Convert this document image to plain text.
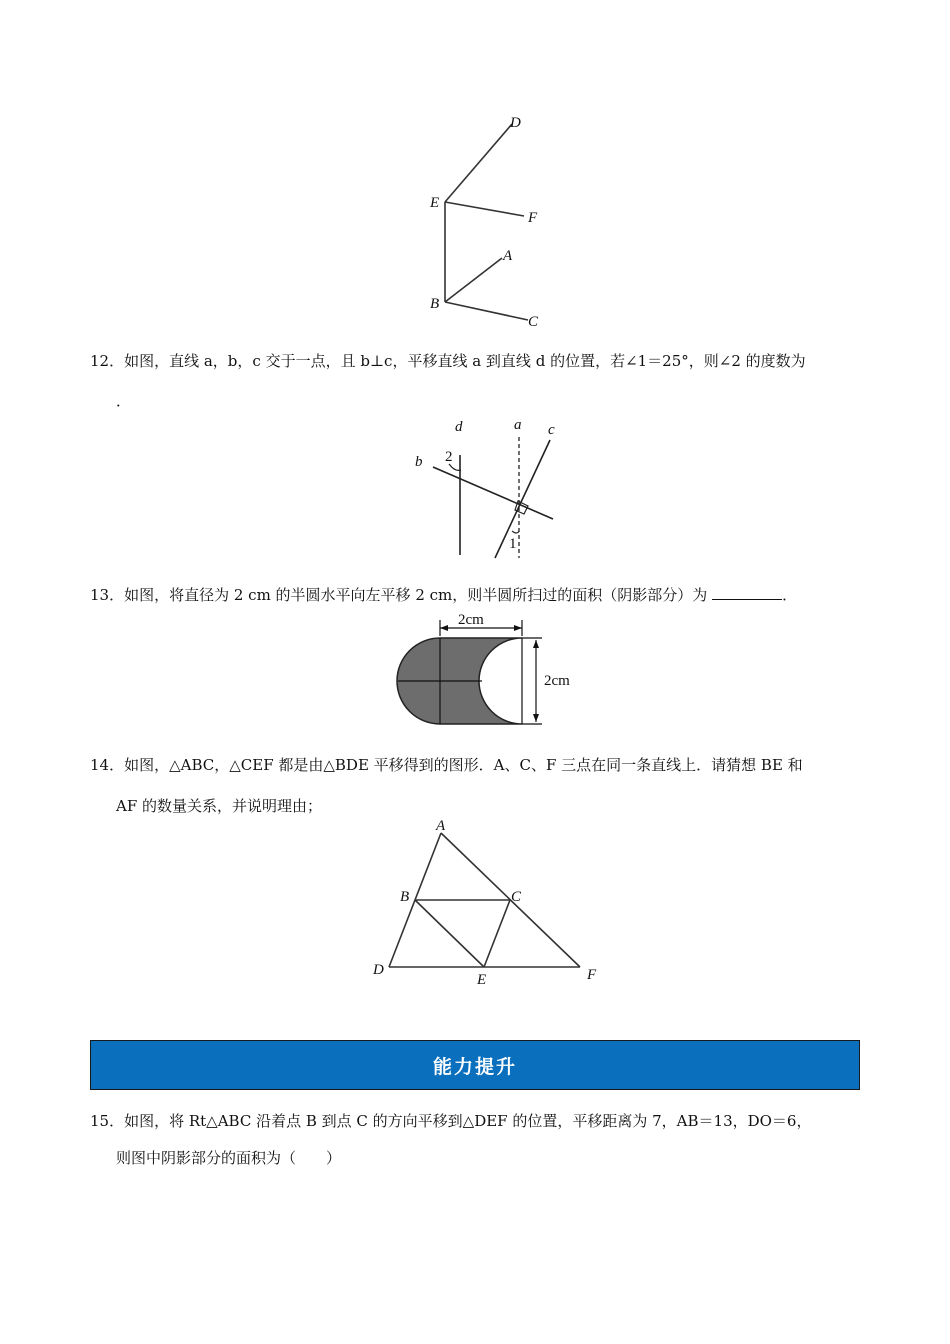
D
E
F
A
B
C
12．如图，直线 a，b，c 交于一点，且 b⊥c，平移直线 a 到直线 d 的位置，若∠1＝25°，则∠2 的度数为
．
d	a c
b 2
1
13．如图，将直径为 2 cm 的半圆水平向左平移 2 cm，则半圆所扫过的面积（阴影部分）为	．
2cm
2cm
14．如图，△ABC，△CEF 都是由△BDE 平移得到的图形．A、C、F 三点在同一条直线上．请猜想 BE 和
AF 的数量关系，并说明理由；
A
B	C
D
E	F
能力提升
15．如图，将 Rt△ABC 沿着点 B 到点 C 的方向平移到△DEF 的位置，平移距离为 7，AB＝13，DO＝6，
则图中阴影部分的面积为（　　）
